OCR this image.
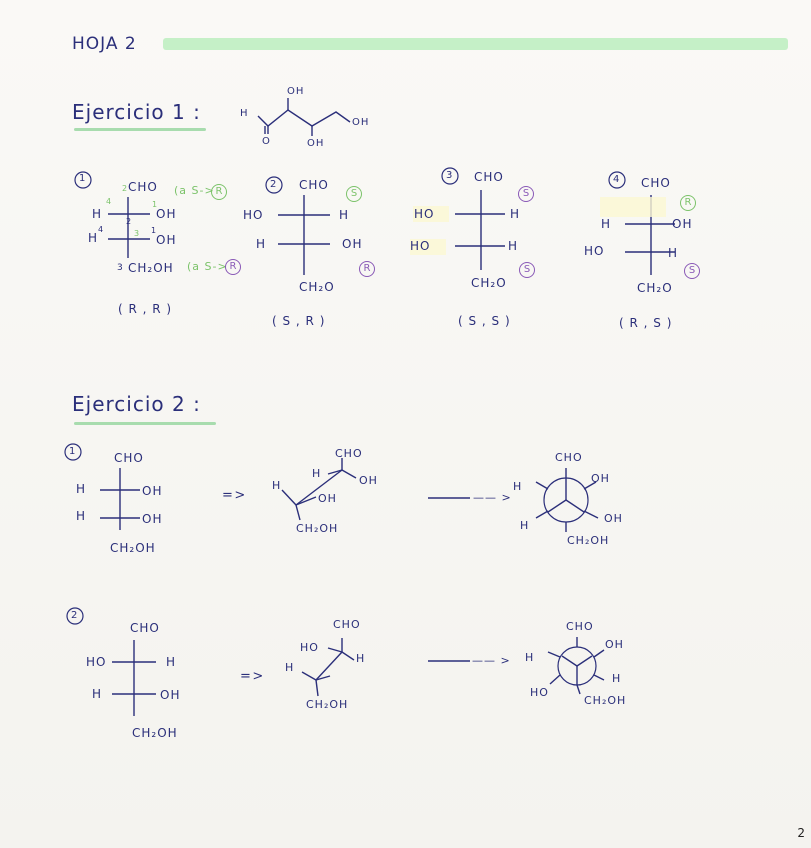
HOJA 2
Ejercicio 1 :
OH
H
OH
O	OH
1
2 CHO (a S-> R
4	1
H	OH
2
4	1
H	3 OH
3 CH₂OH (a S-> R
( R , R )
2 CHO
S
HO	H
H	OH
R
CH₂O
( S , R )
3 CHO
S
HO	H
HO	H
S
CH₂O
( S , S )
4 CHO
R
H	OH
HO	H
S
CH₂O
( R , S )
Ejercicio 2 :
1	CHO
H	OH
H	OH
CH₂OH
=>
CHO
H
OH
H
OH
CH₂OH
—— >
CHO
OH
H
H
OH
CH₂OH
2
CHO
HO	H
H	OH
CH₂OH
=>
CHO
HO
H
H
CH₂OH
—— >
CHO
OH
H
H
HO
CH₂OH
2
